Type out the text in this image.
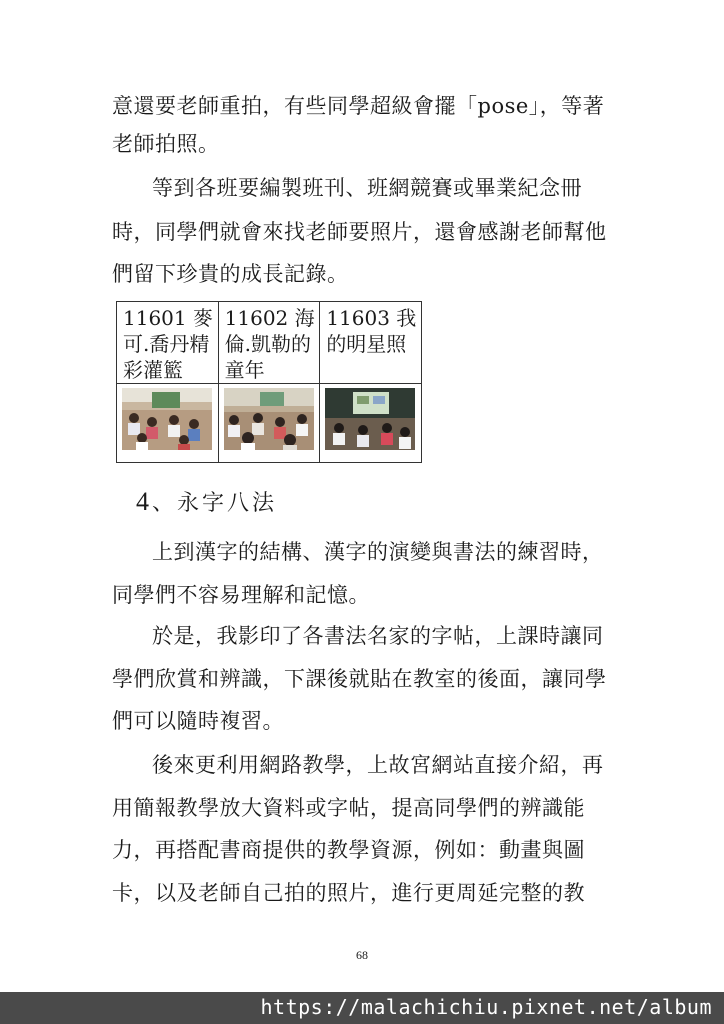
意還要老師重拍，有些同學超級會擺「pose」，等著
老師拍照。
等到各班要編製班刊、班網競賽或畢業紀念冊
時，同學們就會來找老師要照片，還會感謝老師幫他
們留下珍貴的成長記錄。
11601 麥可.喬丹精彩灌籃	11602 海倫.凱勒的童年	11603 我的明星照

4、永字八法
上到漢字的結構、漢字的演變與書法的練習時，
同學們不容易理解和記憶。
於是，我影印了各書法名家的字帖，上課時讓同
學們欣賞和辨識，下課後就貼在教室的後面，讓同學
們可以隨時複習。
後來更利用網路教學，上故宮網站直接介紹，再
用簡報教學放大資料或字帖，提高同學們的辨識能
力，再搭配書商提供的教學資源，例如：動畫與圖
卡，以及老師自己拍的照片，進行更周延完整的教
68
https://malachichiu.pixnet.net/album
